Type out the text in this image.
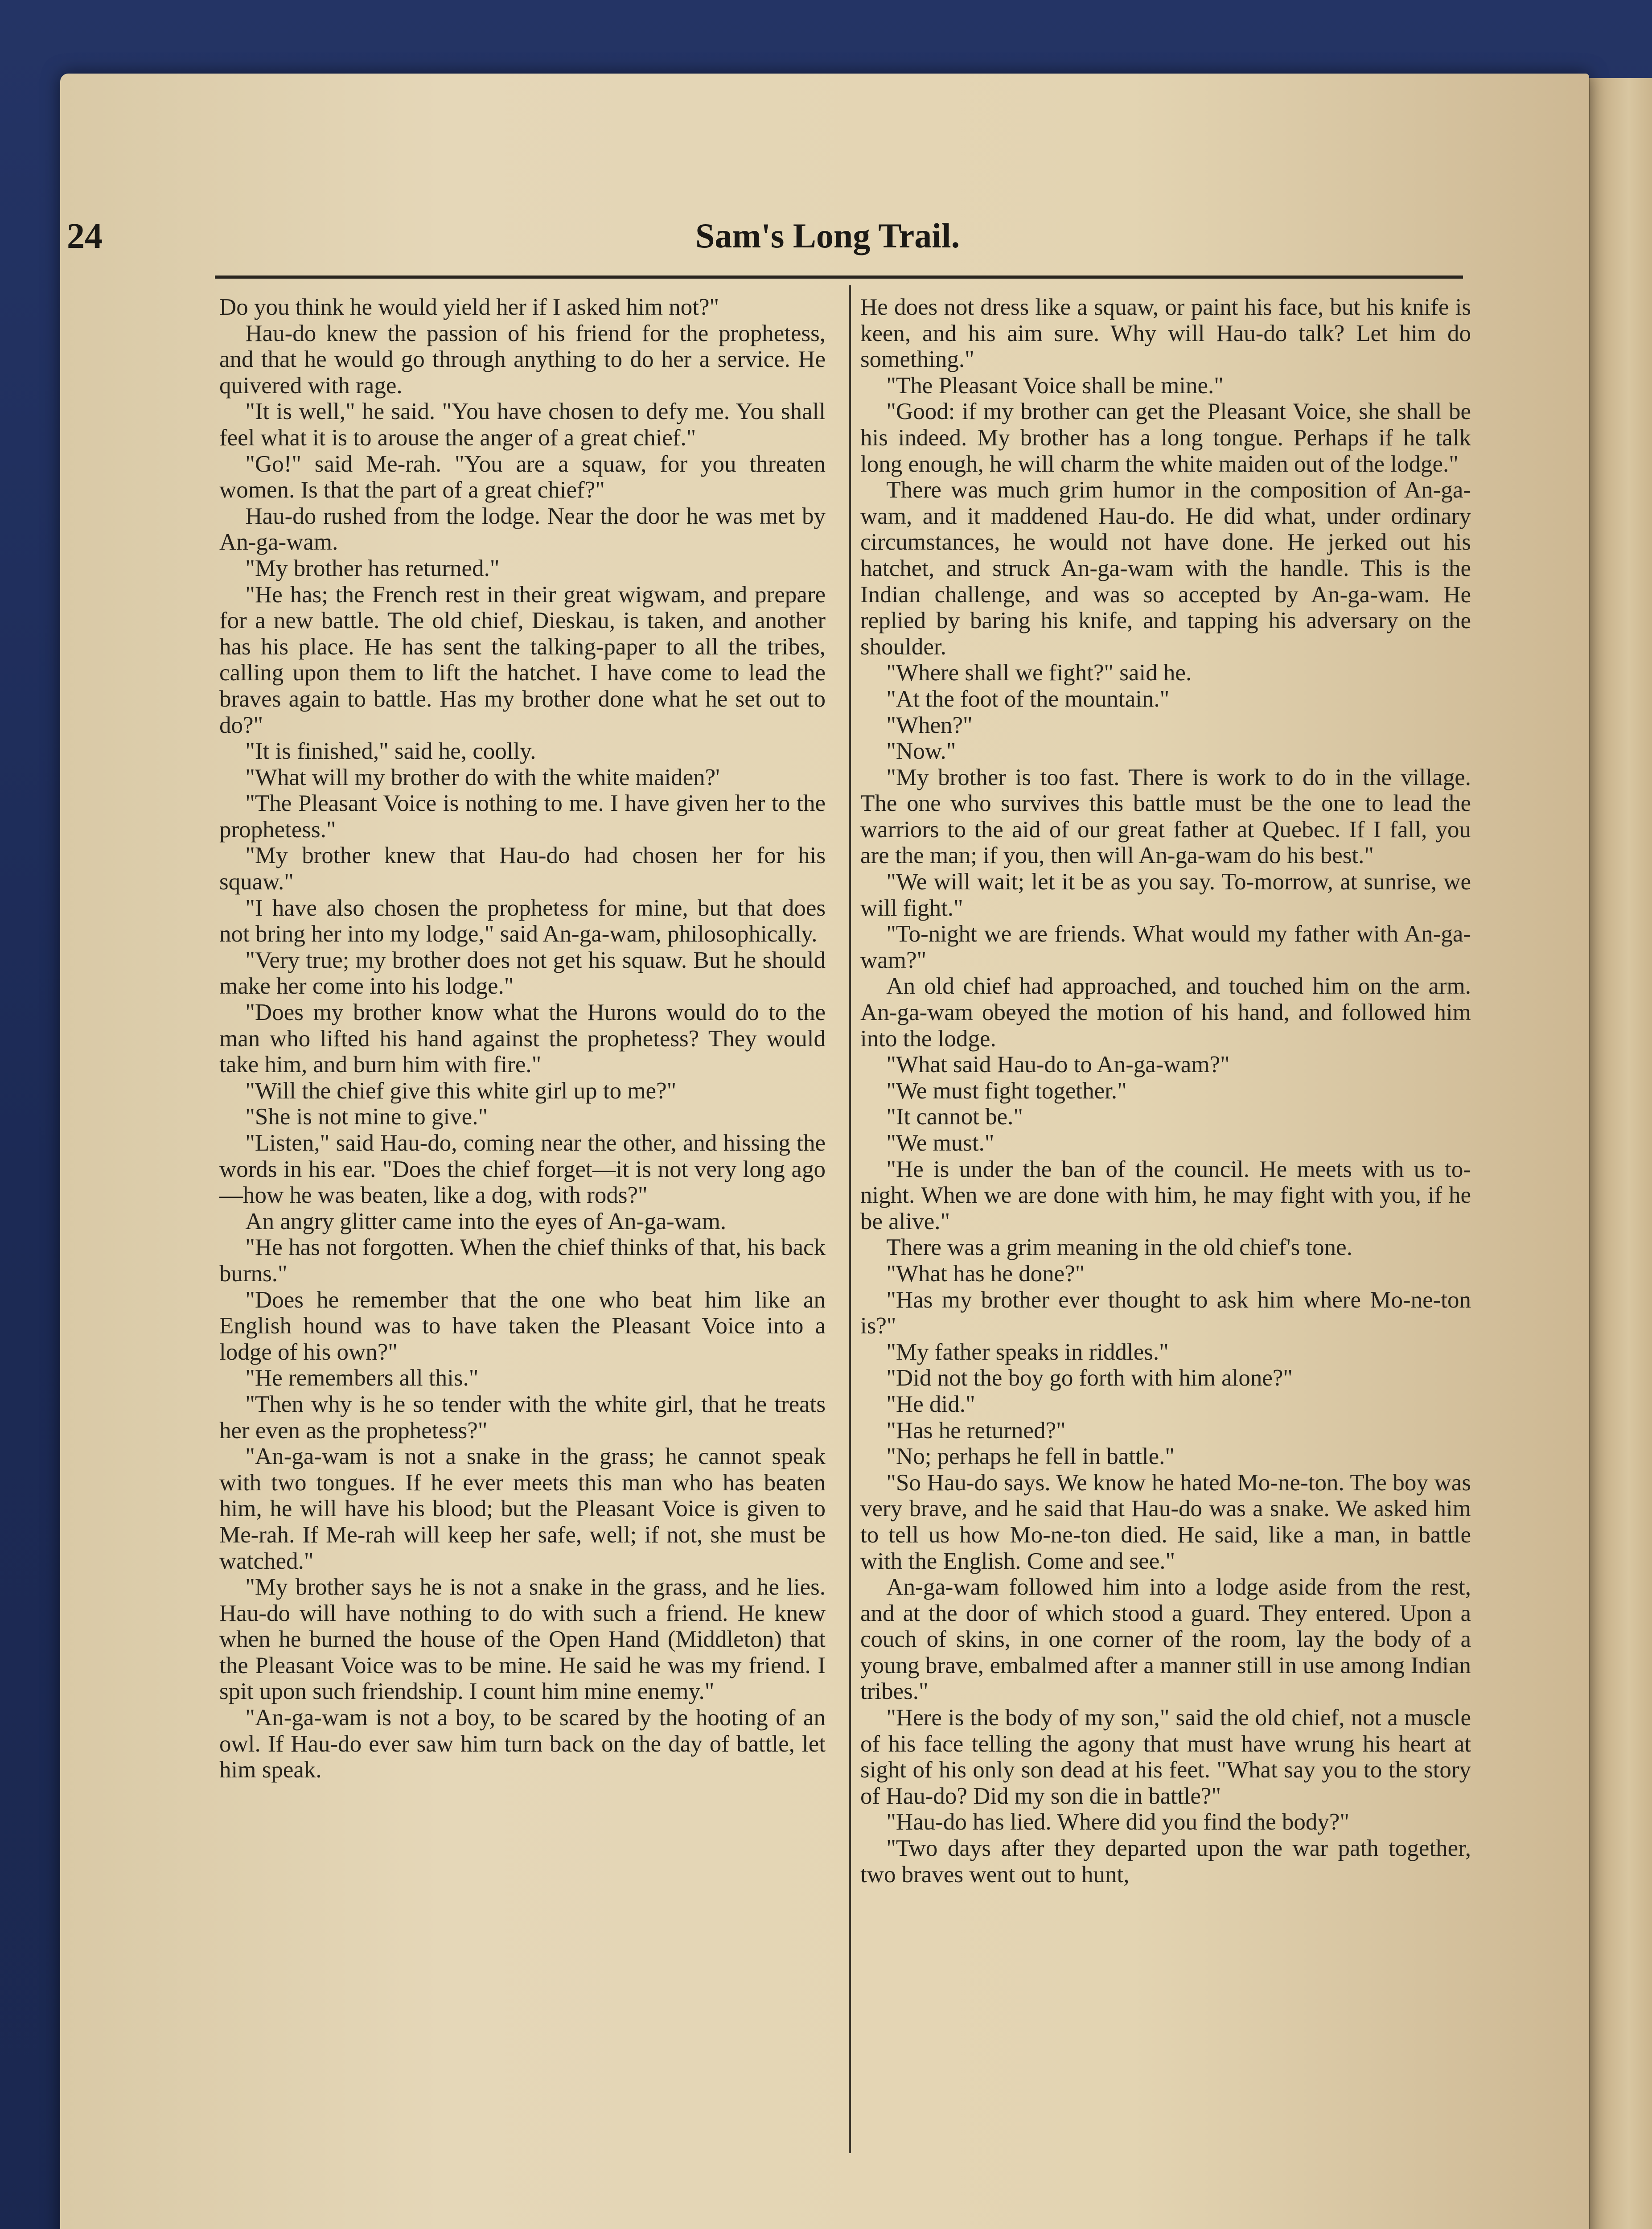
24	Sam's Long Trail.

Do you think he would yield her if I asked him not?"

Hau-do knew the passion of his friend for the prophetess, and that he would go through anything to do her a service. He quivered with rage.

"It is well," he said. "You have chosen to defy me. You shall feel what it is to arouse the anger of a great chief."

"Go!" said Me-rah. "You are a squaw, for you threaten women. Is that the part of a great chief?"

Hau-do rushed from the lodge. Near the door he was met by An-ga-wam.

"My brother has returned."

"He has; the French rest in their great wigwam, and prepare for a new battle. The old chief, Dieskau, is taken, and another has his place. He has sent the talking-paper to all the tribes, calling upon them to lift the hatchet. I have come to lead the braves again to battle. Has my brother done what he set out to do?"

"It is finished," said he, coolly.

"What will my brother do with the white maiden?'

"The Pleasant Voice is nothing to me. I have given her to the prophetess."

"My brother knew that Hau-do had chosen her for his squaw."

"I have also chosen the prophetess for mine, but that does not bring her into my lodge," said An-ga-wam, philosophically.

"Very true; my brother does not get his squaw. But he should make her come into his lodge."

"Does my brother know what the Hurons would do to the man who lifted his hand against the prophetess? They would take him, and burn him with fire."

"Will the chief give this white girl up to me?"

"She is not mine to give."

"Listen," said Hau-do, coming near the other, and hissing the words in his ear. "Does the chief forget—it is not very long ago—how he was beaten, like a dog, with rods?"

An angry glitter came into the eyes of An-ga-wam.

"He has not forgotten. When the chief thinks of that, his back burns."

"Does he remember that the one who beat him like an English hound was to have taken the Pleasant Voice into a lodge of his own?"

"He remembers all this."

"Then why is he so tender with the white girl, that he treats her even as the prophetess?"

"An-ga-wam is not a snake in the grass; he cannot speak with two tongues. If he ever meets this man who has beaten him, he will have his blood; but the Pleasant Voice is given to Me-rah. If Me-rah will keep her safe, well; if not, she must be watched."

"My brother says he is not a snake in the grass, and he lies. Hau-do will have nothing to do with such a friend. He knew when he burned the house of the Open Hand (Middleton) that the Pleasant Voice was to be mine. He said he was my friend. I spit upon such friendship. I count him mine enemy."

"An-ga-wam is not a boy, to be scared by the hooting of an owl. If Hau-do ever saw him turn back on the day of battle, let him speak.

He does not dress like a squaw, or paint his face, but his knife is keen, and his aim sure. Why will Hau-do talk? Let him do something."

"The Pleasant Voice shall be mine."

"Good: if my brother can get the Pleasant Voice, she shall be his indeed. My brother has a long tongue. Perhaps if he talk long enough, he will charm the white maiden out of the lodge."

There was much grim humor in the composition of An-ga-wam, and it maddened Hau-do. He did what, under ordinary circumstances, he would not have done. He jerked out his hatchet, and struck An-ga-wam with the handle. This is the Indian challenge, and was so accepted by An-ga-wam. He replied by baring his knife, and tapping his adversary on the shoulder.

"Where shall we fight?" said he.

"At the foot of the mountain."

"When?"

"Now."

"My brother is too fast. There is work to do in the village. The one who survives this battle must be the one to lead the warriors to the aid of our great father at Quebec. If I fall, you are the man; if you, then will An-ga-wam do his best."

"We will wait; let it be as you say. To-morrow, at sunrise, we will fight."

"To-night we are friends. What would my father with An-ga-wam?"

An old chief had approached, and touched him on the arm. An-ga-wam obeyed the motion of his hand, and followed him into the lodge.

"What said Hau-do to An-ga-wam?"

"We must fight together."

"It cannot be."

"We must."

"He is under the ban of the council. He meets with us to-night. When we are done with him, he may fight with you, if he be alive."

There was a grim meaning in the old chief's tone.

"What has he done?"

"Has my brother ever thought to ask him where Mo-ne-ton is?"

"My father speaks in riddles."

"Did not the boy go forth with him alone?"

"He did."

"Has he returned?"

"No; perhaps he fell in battle."

"So Hau-do says. We know he hated Mo-ne-ton. The boy was very brave, and he said that Hau-do was a snake. We asked him to tell us how Mo-ne-ton died. He said, like a man, in battle with the English. Come and see."

An-ga-wam followed him into a lodge aside from the rest, and at the door of which stood a guard. They entered. Upon a couch of skins, in one corner of the room, lay the body of a young brave, embalmed after a manner still in use among Indian tribes."

"Here is the body of my son," said the old chief, not a muscle of his face telling the agony that must have wrung his heart at sight of his only son dead at his feet. "What say you to the story of Hau-do? Did my son die in battle?"

"Hau-do has lied. Where did you find the body?"

"Two days after they departed upon the war path together, two braves went out to hunt,
